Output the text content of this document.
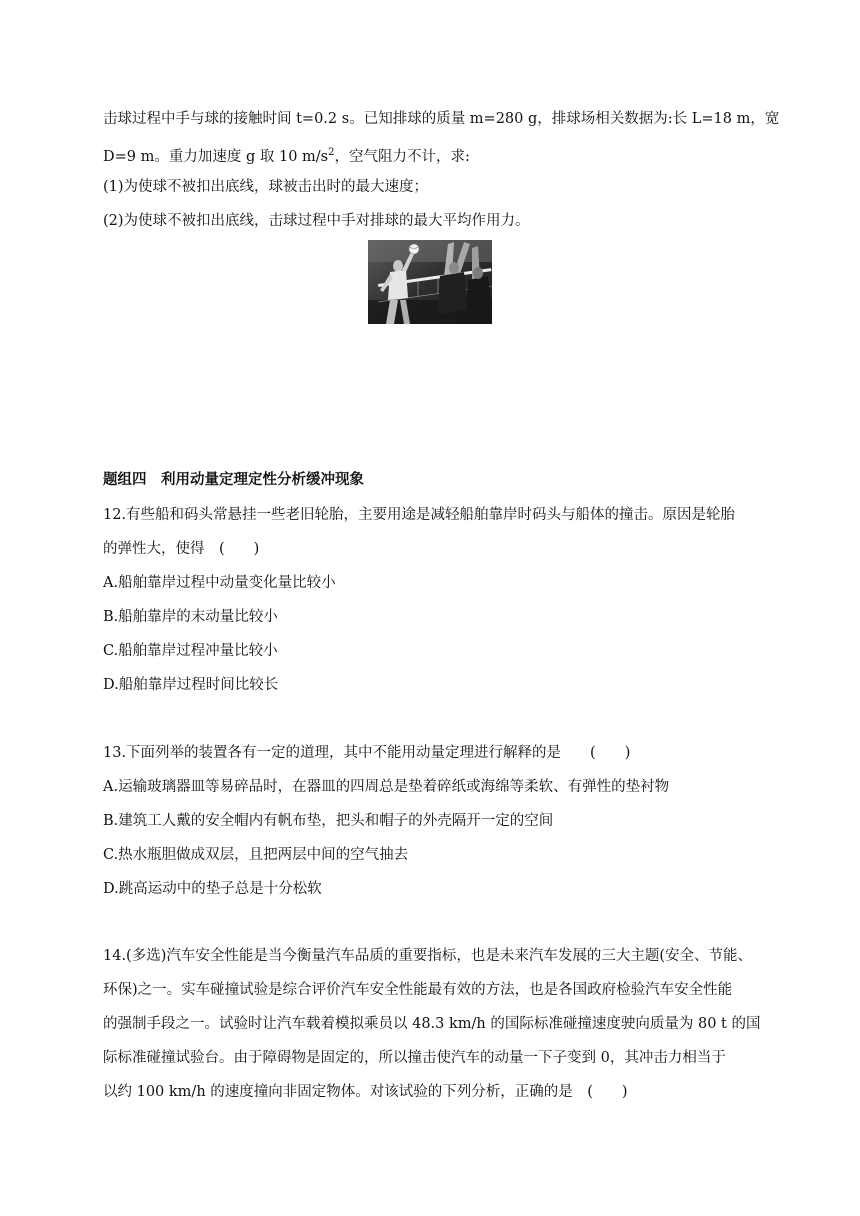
击球过程中手与球的接触时间 t=0.2 s。已知排球的质量 m=280 g，排球场相关数据为:长 L=18 m，宽
D=9 m。重力加速度 g 取 10 $m/s^2$，空气阻力不计，求:
(1)为使球不被扣出底线，球被击出时的最大速度；
(2)为使球不被扣出底线，击球过程中手对排球的最大平均作用力。
题组四　利用动量定理定性分析缓冲现象
12.有些船和码头常悬挂一些老旧轮胎，主要用途是减轻船舶靠岸时码头与船体的撞击。原因是轮胎
的弹性大，使得　(　　)
A.船舶靠岸过程中动量变化量比较小
B.船舶靠岸的末动量比较小
C.船舶靠岸过程冲量比较小
D.船舶靠岸过程时间比较长
13.下面列举的装置各有一定的道理，其中不能用动量定理进行解释的是　　(　　)
A.运输玻璃器皿等易碎品时，在器皿的四周总是垫着碎纸或海绵等柔软、有弹性的垫衬物
B.建筑工人戴的安全帽内有帆布垫，把头和帽子的外壳隔开一定的空间
C.热水瓶胆做成双层，且把两层中间的空气抽去
D.跳高运动中的垫子总是十分松软
14.(多选)汽车安全性能是当今衡量汽车品质的重要指标，也是未来汽车发展的三大主题(安全、节能、
环保)之一。实车碰撞试验是综合评价汽车安全性能最有效的方法，也是各国政府检验汽车安全性能
的强制手段之一。试验时让汽车载着模拟乘员以 48.3 km/h 的国际标准碰撞速度驶向质量为 80 t 的国
际标准碰撞试验台。由于障碍物是固定的，所以撞击使汽车的动量一下子变到 0，其冲击力相当于
以约 100 km/h 的速度撞向非固定物体。对该试验的下列分析，正确的是　(　　)
